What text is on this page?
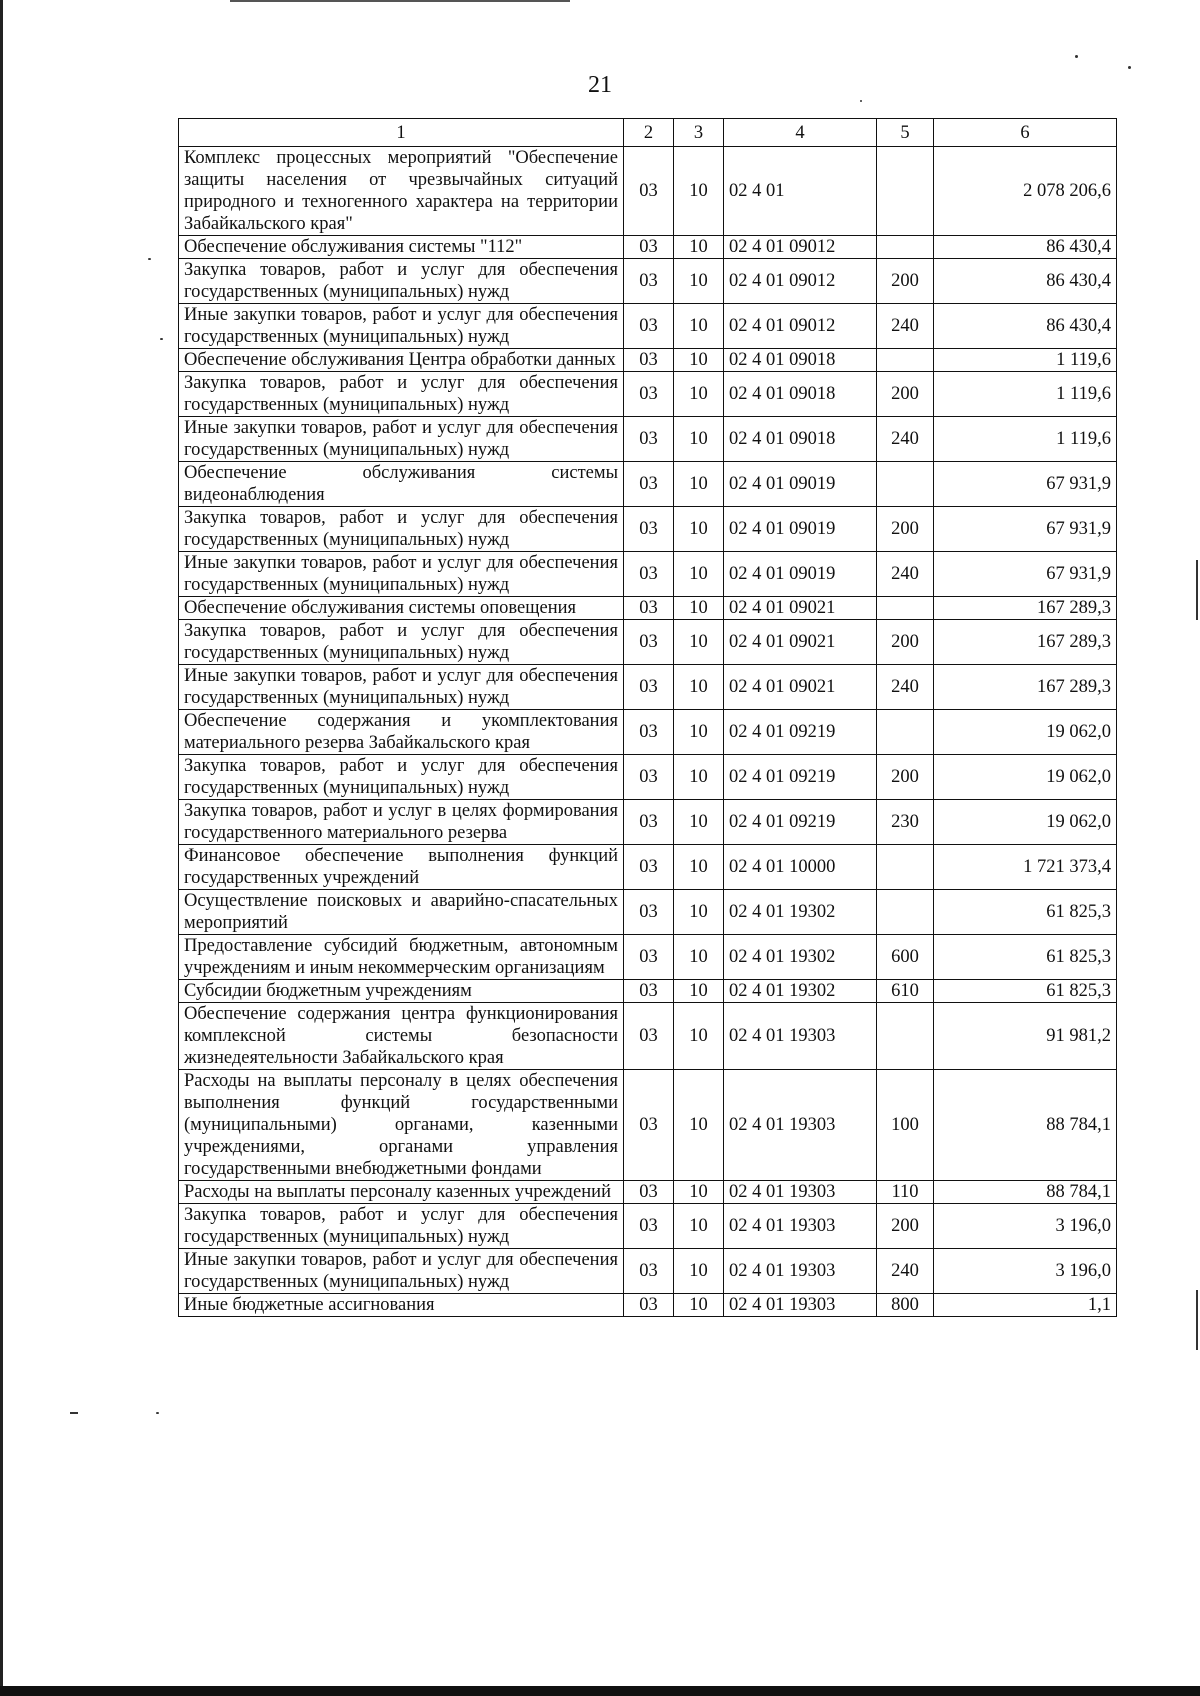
21
1	2	3	4	5	6
Комплекс процессных мероприятий "Обеспечение защиты населения от чрезвычайных ситуаций природного и техногенного характера на территории Забайкальского края"	03	10	02 4 01		2 078 206,6
Обеспечение обслуживания системы "112"	03	10	02 4 01 09012		86 430,4
Закупка товаров, работ и услуг для обеспечения государственных (муниципальных) нужд	03	10	02 4 01 09012	200	86 430,4
Иные закупки товаров, работ и услуг для обеспечения государственных (муниципальных) нужд	03	10	02 4 01 09012	240	86 430,4
Обеспечение обслуживания Центра обработки данных	03	10	02 4 01 09018		1 119,6
Закупка товаров, работ и услуг для обеспечения государственных (муниципальных) нужд	03	10	02 4 01 09018	200	1 119,6
Иные закупки товаров, работ и услуг для обеспечения государственных (муниципальных) нужд	03	10	02 4 01 09018	240	1 119,6
Обеспечение обслуживания системы видеонаблюдения	03	10	02 4 01 09019		67 931,9
Закупка товаров, работ и услуг для обеспечения государственных (муниципальных) нужд	03	10	02 4 01 09019	200	67 931,9
Иные закупки товаров, работ и услуг для обеспечения государственных (муниципальных) нужд	03	10	02 4 01 09019	240	67 931,9
Обеспечение обслуживания системы оповещения	03	10	02 4 01 09021		167 289,3
Закупка товаров, работ и услуг для обеспечения государственных (муниципальных) нужд	03	10	02 4 01 09021	200	167 289,3
Иные закупки товаров, работ и услуг для обеспечения государственных (муниципальных) нужд	03	10	02 4 01 09021	240	167 289,3
Обеспечение содержания и укомплектования материального резерва Забайкальского края	03	10	02 4 01 09219		19 062,0
Закупка товаров, работ и услуг для обеспечения государственных (муниципальных) нужд	03	10	02 4 01 09219	200	19 062,0
Закупка товаров, работ и услуг в целях формирования государственного материального резерва	03	10	02 4 01 09219	230	19 062,0
Финансовое обеспечение выполнения функций государственных учреждений	03	10	02 4 01 10000		1 721 373,4
Осуществление поисковых и аварийно-спасательных мероприятий	03	10	02 4 01 19302		61 825,3
Предоставление субсидий бюджетным, автономным учреждениям и иным некоммерческим организациям	03	10	02 4 01 19302	600	61 825,3
Субсидии бюджетным учреждениям	03	10	02 4 01 19302	610	61 825,3
Обеспечение содержания центра функционирования комплексной системы безопасности жизнедеятельности Забайкальского края	03	10	02 4 01 19303		91 981,2
Расходы на выплаты персоналу в целях обеспечения выполнения функций государственными (муниципальными) органами, казенными учреждениями, органами управления государственными внебюджетными фондами	03	10	02 4 01 19303	100	88 784,1
Расходы на выплаты персоналу казенных учреждений	03	10	02 4 01 19303	110	88 784,1
Закупка товаров, работ и услуг для обеспечения государственных (муниципальных) нужд	03	10	02 4 01 19303	200	3 196,0
Иные закупки товаров, работ и услуг для обеспечения государственных (муниципальных) нужд	03	10	02 4 01 19303	240	3 196,0
Иные бюджетные ассигнования	03	10	02 4 01 19303	800	1,1
